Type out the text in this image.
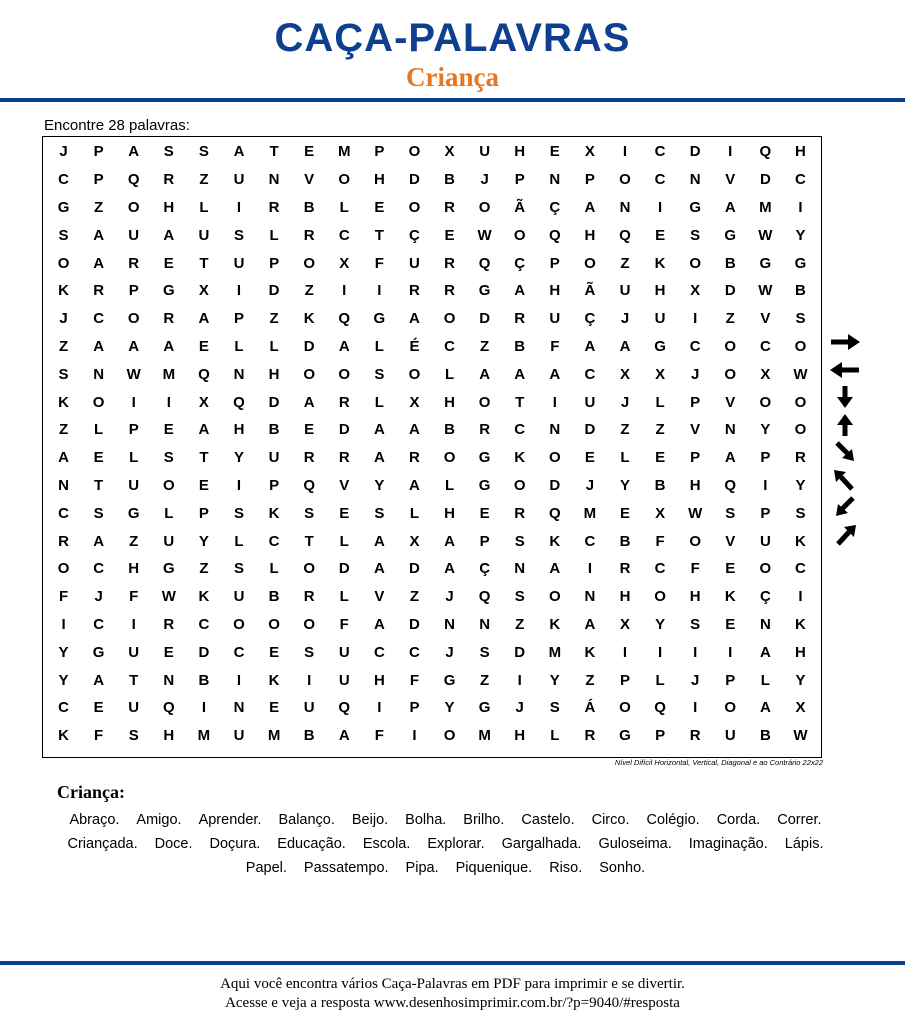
CAÇA-PALAVRAS
Criança
Encontre 28 palavras:
J	P	A	S	S	A	T	E	M	P	O	X	U	H	E	X	I	C	D	I	Q	H
C	P	Q	R	Z	U	N	V	O	H	D	B	J	P	N	P	O	C	N	V	D	C
G	Z	O	H	L	I	R	B	L	E	O	R	O	Ã	Ç	A	N	I	G	A	M	I
S	A	U	A	U	S	L	R	C	T	Ç	E	W	O	Q	H	Q	E	S	G	W	Y
O	A	R	E	T	U	P	O	X	F	U	R	Q	Ç	P	O	Z	K	O	B	G	G
K	R	P	G	X	I	D	Z	I	I	R	R	G	A	H	Ã	U	H	X	D	W	B
J	C	O	R	A	P	Z	K	Q	G	A	O	D	R	U	Ç	J	U	I	Z	V	S
Z	A	A	A	E	L	L	D	A	L	É	C	Z	B	F	A	A	G	C	O	C	O
S	N	W	M	Q	N	H	O	O	S	O	L	A	A	A	C	X	X	J	O	X	W
K	O	I	I	X	Q	D	A	R	L	X	H	O	T	I	U	J	L	P	V	O	O
Z	L	P	E	A	H	B	E	D	A	A	B	R	C	N	D	Z	Z	V	N	Y	O
A	E	L	S	T	Y	U	R	R	A	R	O	G	K	O	E	L	E	P	A	P	R
N	T	U	O	E	I	P	Q	V	Y	A	L	G	O	D	J	Y	B	H	Q	I	Y
C	S	G	L	P	S	K	S	E	S	L	H	E	R	Q	M	E	X	W	S	P	S
R	A	Z	U	Y	L	C	T	L	A	X	A	P	S	K	C	B	F	O	V	U	K
O	C	H	G	Z	S	L	O	D	A	D	A	Ç	N	A	I	R	C	F	E	O	C
F	J	F	W	K	U	B	R	L	V	Z	J	Q	S	O	N	H	O	H	K	Ç	I
I	C	I	R	C	O	O	O	F	A	D	N	N	Z	K	A	X	Y	S	E	N	K
Y	G	U	E	D	C	E	S	U	C	C	J	S	D	M	K	I	I	I	I	A	H
Y	A	T	N	B	I	K	I	U	H	F	G	Z	I	Y	Z	P	L	J	P	L	Y
C	E	U	Q	I	N	E	U	Q	I	P	Y	G	J	S	Á	O	Q	I	O	A	X
K	F	S	H	M	U	M	B	A	F	I	O	M	H	L	R	G	P	R	U	B	W
Nível Difícil Horizontal, Vertical, Diagonal e ao Contrário 22x22
Criança:
Abraço. Amigo. Aprender. Balanço. Beijo. Bolha. Brilho. Castelo. Circo. Colégio. Corda. Correr.
Criançada. Doce. Doçura. Educação. Escola. Explorar. Gargalhada. Guloseima. Imaginação. Lápis.
Papel. Passatempo. Pipa. Piquenique. Riso. Sonho.
Aqui você encontra vários Caça-Palavras em PDF para imprimir e se divertir.
Acesse e veja a resposta www.desenhosimprimir.com.br/?p=9040/#resposta
